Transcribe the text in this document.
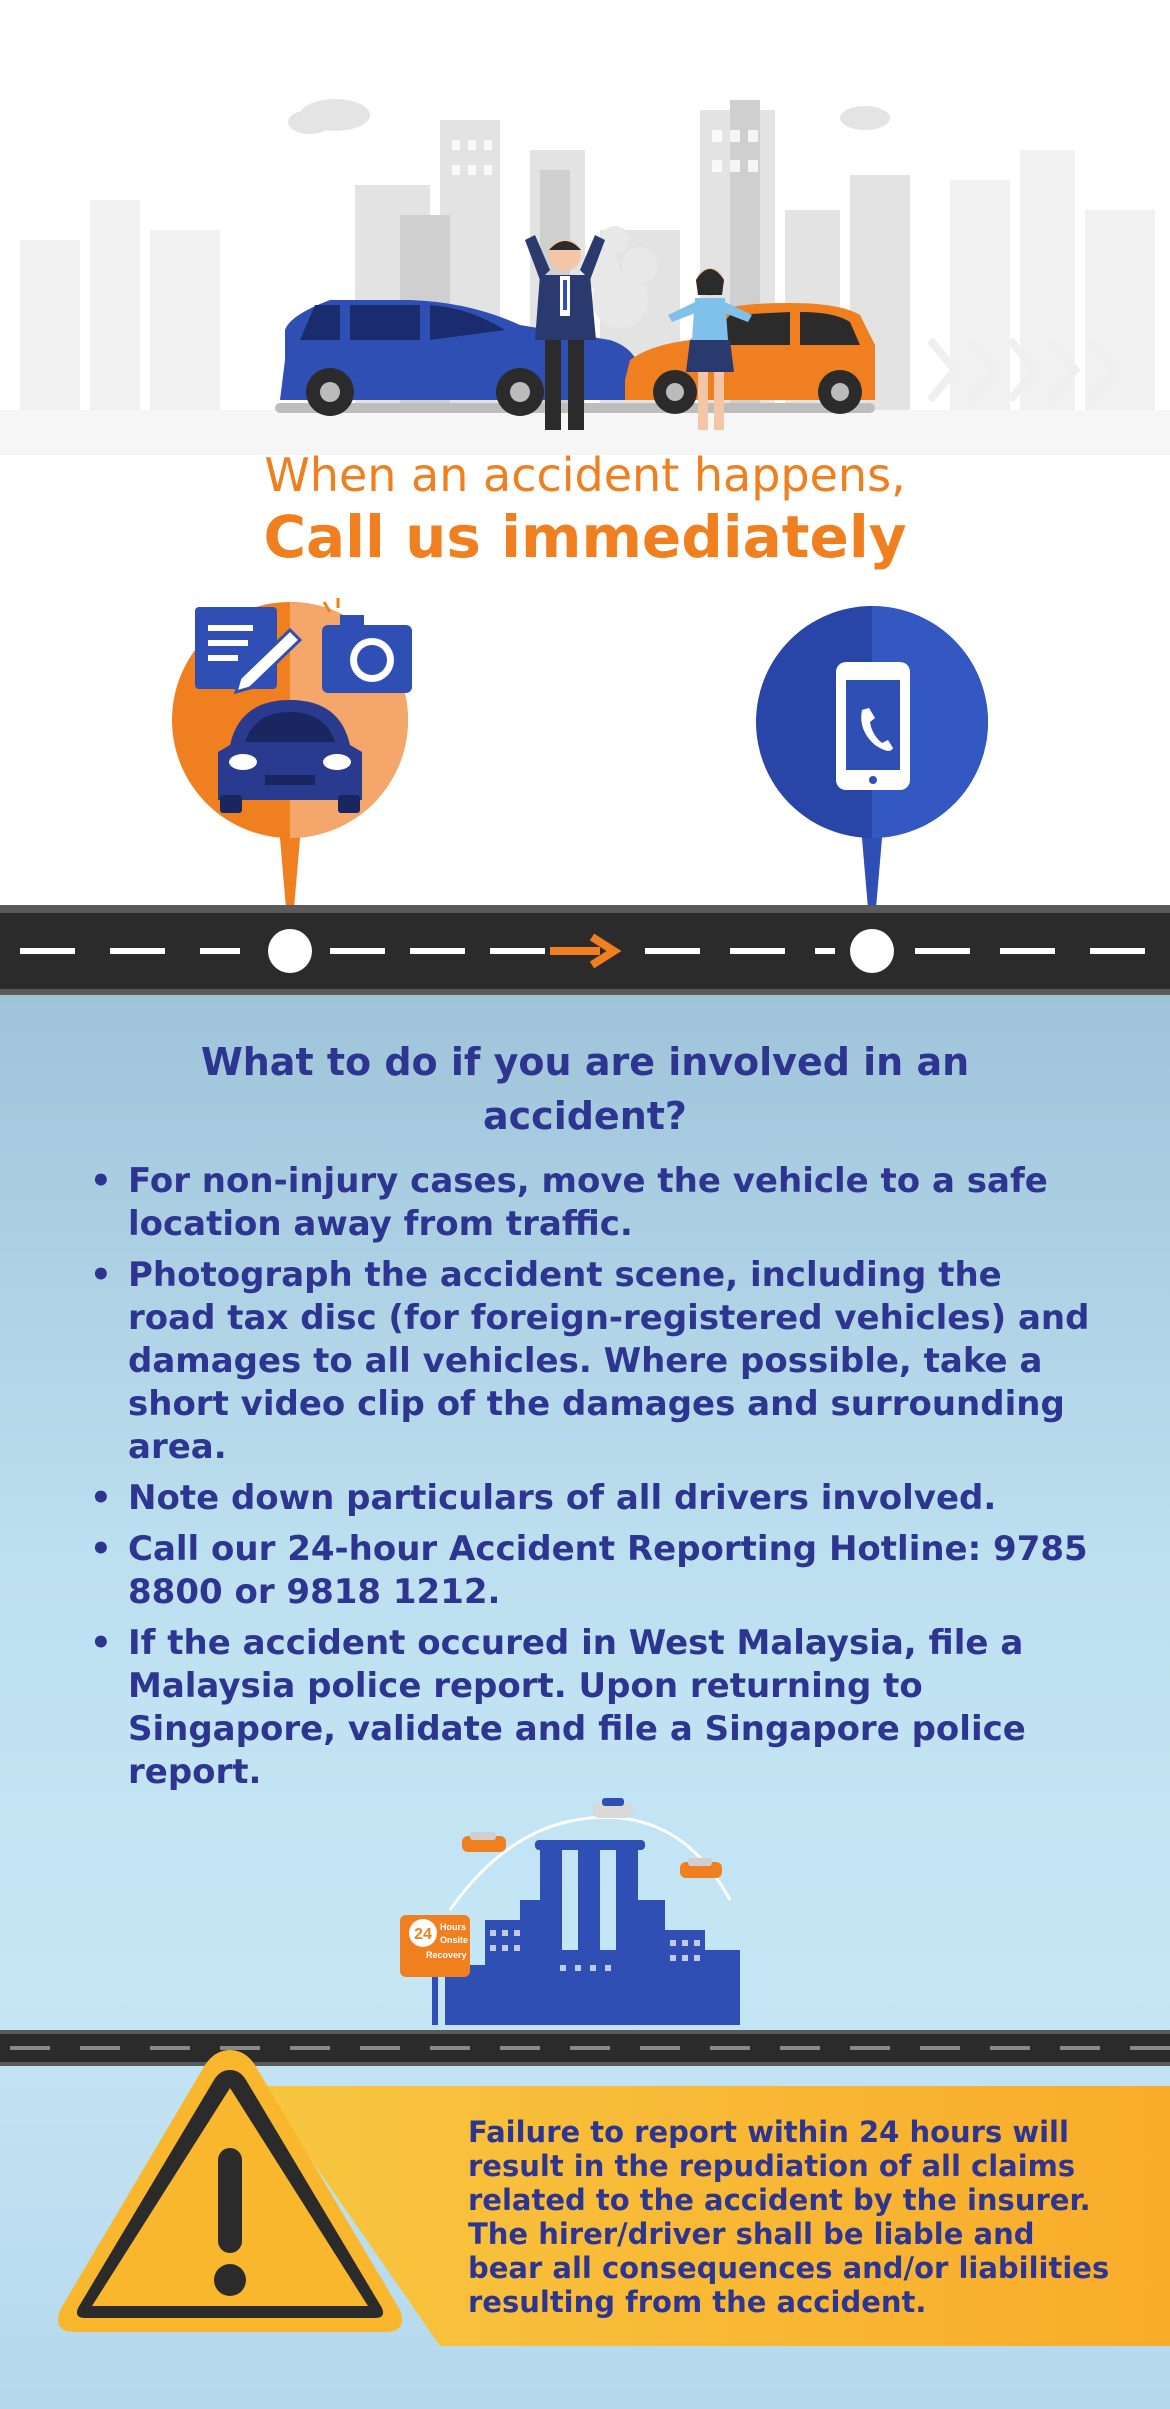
When an accident happens,
Call us immediately
What to do if you are involved in an accident?
• For non-injury cases, move the vehicle to a safe location away from traffic.
• Photograph the accident scene, including the road tax disc (for foreign-registered vehicles) and damages to all vehicles. Where possible, take a short video clip of the damages and surrounding area.
• Note down particulars of all drivers involved.
• Call our 24-hour Accident Reporting Hotline: 9785 8800 or 9818 1212.
• If the accident occured in West Malaysia, file a Malaysia police report. Upon returning to Singapore, validate and file a Singapore police report.
24 Hours
Onsite
Recovery
Failure to report within 24 hours will result in the repudiation of all claims related to the accident by the insurer. The hirer/driver shall be liable and bear all consequences and/or liabilities resulting from the accident.
